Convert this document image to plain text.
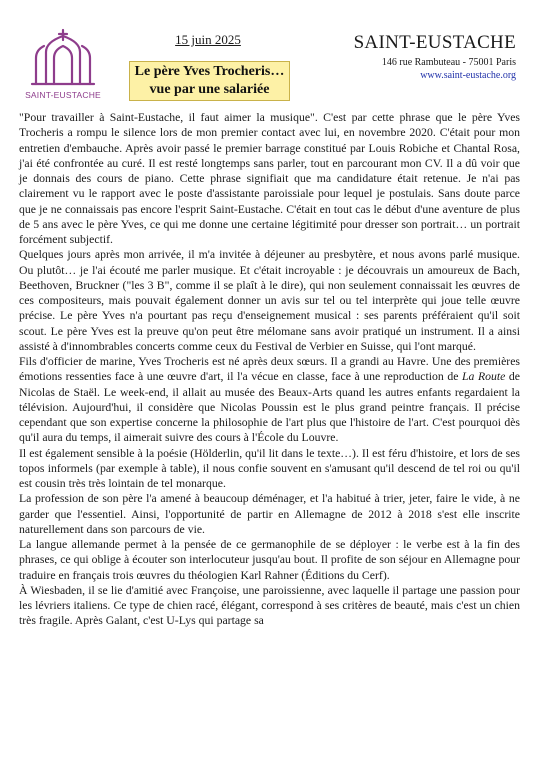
SAINT-EUSTACHE
15 juin 2025
Le père Yves Trocheris…
vue par une salariée
SAINT-EUSTACHE
146 rue Rambuteau - 75001 Paris
www.saint-eustache.org

"Pour travailler à Saint-Eustache, il faut aimer la musique". C'est par cette phrase que le père Yves Trocheris a rompu le silence lors de mon premier contact avec lui, en novembre 2020. C'était pour mon entretien d'embauche. Après avoir passé le premier barrage constitué par Louis Robiche et Chantal Rosa, j'ai été confrontée au curé. Il est resté longtemps sans parler, tout en parcourant mon CV. Il a dû voir que je donnais des cours de piano. Cette phrase signifiait que ma candidature était retenue. Je n'ai pas clairement vu le rapport avec le poste d'assistante paroissiale pour lequel je postulais. Sans doute parce que je ne connaissais pas encore l'esprit Saint-Eustache. C'était en tout cas le début d'une aventure de plus de 5 ans avec le père Yves, ce qui me donne une certaine légitimité pour dresser son portrait… un portrait forcément subjectif.

Quelques jours après mon arrivée, il m'a invitée à déjeuner au presbytère, et nous avons parlé musique. Ou plutôt… je l'ai écouté me parler musique. Et c'était incroyable : je découvrais un amoureux de Bach, Beethoven, Bruckner ("les 3 B", comme il se plaît à le dire), qui non seulement connaissait les œuvres de ces compositeurs, mais pouvait également donner un avis sur tel ou tel interprète qui joue telle œuvre précise. Le père Yves n'a pourtant pas reçu d'enseignement musical : ses parents préféraient qu'il soit scout. Le père Yves est la preuve qu'on peut être mélomane sans avoir pratiqué un instrument. Il a ainsi assisté à d'innombrables concerts comme ceux du Festival de Verbier en Suisse, qui l'ont marqué.

Fils d'officier de marine, Yves Trocheris est né après deux sœurs. Il a grandi au Havre. Une des premières émotions ressenties face à une œuvre d'art, il l'a vécue en classe, face à une reproduction de La Route de Nicolas de Staël. Le week-end, il allait au musée des Beaux-Arts quand les autres enfants regardaient la télévision. Aujourd'hui, il considère que Nicolas Poussin est le plus grand peintre français. Il précise cependant que son expertise concerne la philosophie de l'art plus que l'histoire de l'art. C'est pourquoi dès qu'il aura du temps, il aimerait suivre des cours à l'École du Louvre.

Il est également sensible à la poésie (Hölderlin, qu'il lit dans le texte…). Il est féru d'histoire, et lors de ses topos informels (par exemple à table), il nous confie souvent en s'amusant qu'il descend de tel roi ou qu'il est cousin très très lointain de tel monarque.

La profession de son père l'a amené à beaucoup déménager, et l'a habitué à trier, jeter, faire le vide, à ne garder que l'essentiel. Ainsi, l'opportunité de partir en Allemagne de 2012 à 2018 s'est elle inscrite naturellement dans son parcours de vie.

La langue allemande permet à la pensée de ce germanophile de se déployer : le verbe est à la fin des phrases, ce qui oblige à écouter son interlocuteur jusqu'au bout. Il profite de son séjour en Allemagne pour traduire en français trois œuvres du théologien Karl Rahner (Éditions du Cerf).

À Wiesbaden, il se lie d'amitié avec Françoise, une paroissienne, avec laquelle il partage une passion pour les lévriers italiens. Ce type de chien racé, élégant, correspond à ses critères de beauté, mais c'est un chien très fragile. Après Galant, c'est U-Lys qui partage sa
